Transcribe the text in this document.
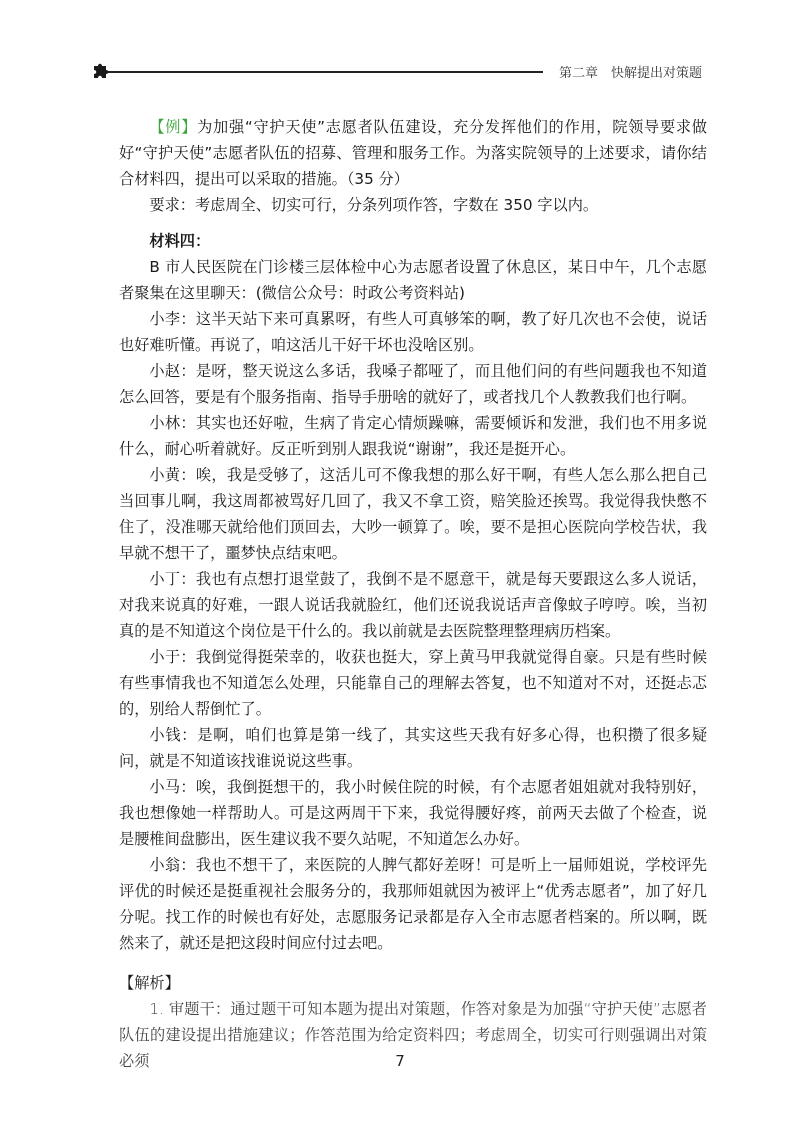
第二章　快解提出对策题

【例】为加强“守护天使”志愿者队伍建设，充分发挥他们的作用，院领导要求做好“守护天使”志愿者队伍的招募、管理和服务工作。为落实院领导的上述要求，请你结合材料四，提出可以采取的措施。（35 分）

要求：考虑周全、切实可行，分条列项作答，字数在 350 字以内。

材料四：

B 市人民医院在门诊楼三层体检中心为志愿者设置了休息区，某日中午，几个志愿者聚集在这里聊天：(微信公众号：时政公考资料站)

小李：这半天站下来可真累呀，有些人可真够笨的啊，教了好几次也不会使，说话也好难听懂。再说了，咱这活儿干好干坏也没啥区别。

小赵：是呀，整天说这么多话，我嗓子都哑了，而且他们问的有些问题我也不知道怎么回答，要是有个服务指南、指导手册啥的就好了，或者找几个人教教我们也行啊。

小林：其实也还好啦，生病了肯定心情烦躁嘛，需要倾诉和发泄，我们也不用多说什么，耐心听着就好。反正听到别人跟我说“谢谢”，我还是挺开心。

小黄：唉，我是受够了，这活儿可不像我想的那么好干啊，有些人怎么那么把自己当回事儿啊，我这周都被骂好几回了，我又不拿工资，赔笑脸还挨骂。我觉得我快憋不住了，没准哪天就给他们顶回去，大吵一顿算了。唉，要不是担心医院向学校告状，我早就不想干了，噩梦快点结束吧。

小丁：我也有点想打退堂鼓了，我倒不是不愿意干，就是每天要跟这么多人说话，对我来说真的好难，一跟人说话我就脸红，他们还说我说话声音像蚊子哼哼。唉，当初真的是不知道这个岗位是干什么的。我以前就是去医院整理整理病历档案。

小于：我倒觉得挺荣幸的，收获也挺大，穿上黄马甲我就觉得自豪。只是有些时候有些事情我也不知道怎么处理，只能靠自己的理解去答复，也不知道对不对，还挺忐忑的，别给人帮倒忙了。

小钱：是啊，咱们也算是第一线了，其实这些天我有好多心得，也积攒了很多疑问，就是不知道该找谁说说这些事。

小马：唉，我倒挺想干的，我小时候住院的时候，有个志愿者姐姐就对我特别好，我也想像她一样帮助人。可是这两周干下来，我觉得腰好疼，前两天去做了个检查，说是腰椎间盘膨出，医生建议我不要久站呢，不知道怎么办好。

小翁：我也不想干了，来医院的人脾气都好差呀！可是听上一届师姐说，学校评先评优的时候还是挺重视社会服务分的，我那师姐就因为被评上“优秀志愿者”，加了好几分呢。找工作的时候也有好处，志愿服务记录都是存入全市志愿者档案的。所以啊，既然来了，就还是把这段时间应付过去吧。

【解析】

1. 审题干：通过题干可知本题为提出对策题，作答对象是为加强“守护天使”志愿者队伍的建设提出措施建议；作答范围为给定资料四；考虑周全，切实可行则强调出对策必须	7
